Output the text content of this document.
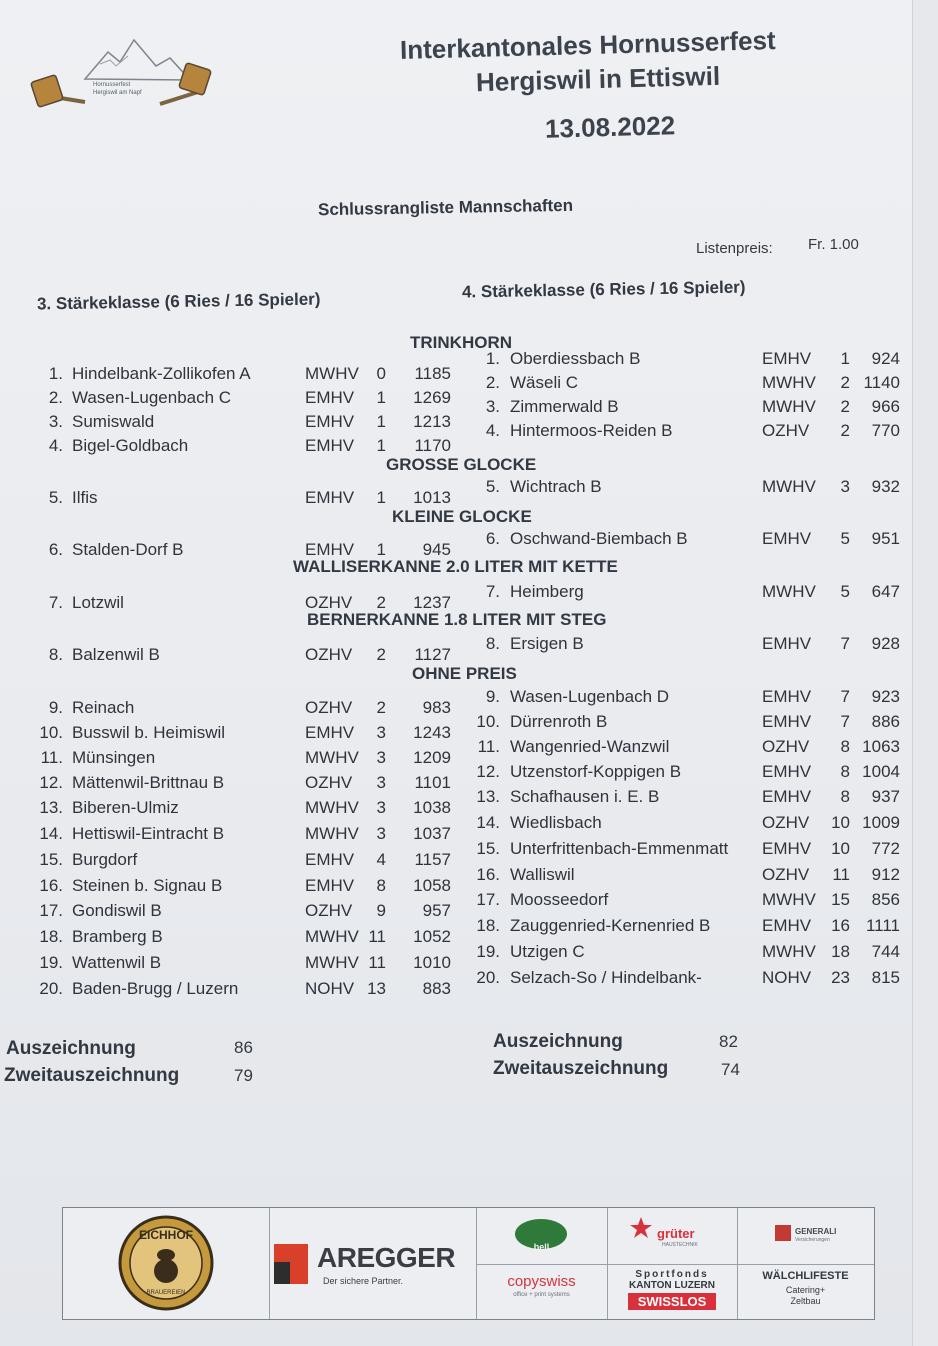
Hornusserfest
Hergiswil am Napf
Interkantonales Hornusserfest
Hergiswil in Ettiswil
13.08.2022
Schlussrangliste Mannschaften
Listenpreis: Fr. 1.00
3. Stärkeklasse (6 Ries / 16 Spieler)
4. Stärkeklasse (6 Ries / 16 Spieler)
TRINKHORN
GROSSE GLOCKE
KLEINE GLOCKE
WALLISERKANNE 2.0 LITER MIT KETTE
BERNERKANNE 1.8 LITER MIT STEG
OHNE PREIS
1. Hindelbank-Zollikofen A	MWHV 0 1185
2. Wasen-Lugenbach C	EMHV 1 1269
3. Sumiswald	EMHV 1 1213
4. Bigel-Goldbach	EMHV 1 1170
5. Ilfis	EMHV 1 1013
6. Stalden-Dorf B	EMHV 1 945
7. Lotzwil	OZHV 2 1237
8. Balzenwil B	OZHV 2 1127
9. Reinach	OZHV 2 983
10. Busswil b. Heimiswil	EMHV 3 1243
11. Münsingen	MWHV 3 1209
12. Mättenwil-Brittnau B	OZHV 3 1101
13. Biberen-Ulmiz	MWHV 3 1038
14. Hettiswil-Eintracht B	MWHV 3 1037
15. Burgdorf	EMHV 4 1157
16. Steinen b. Signau B	EMHV 8 1058
17. Gondiswil B	OZHV 9 957
18. Bramberg B	MWHV 11 1052
19. Wattenwil B	MWHV 11 1010
20. Baden-Brugg / Luzern	NOHV 13 883
1. Oberdiessbach B	EMHV 1 924
2. Wäseli C	MWHV 2 1140
3. Zimmerwald B	MWHV 2 966
4. Hintermoos-Reiden B	OZHV 2 770
5. Wichtrach B	MWHV 3 932
6. Oschwand-Biembach B	EMHV 5 951
7. Heimberg	MWHV 5 647
8. Ersigen B	EMHV 7 928
9. Wasen-Lugenbach D	EMHV 7 923
10. Dürrenroth B	EMHV 7 886
11. Wangenried-Wanzwil	OZHV 8 1063
12. Utzenstorf-Koppigen B	EMHV 8 1004
13. Schafhausen i. E. B	EMHV 8 937
14. Wiedlisbach	OZHV 10 1009
15. Unterfrittenbach-Emmenmatt EMHV 10 772
16. Walliswil	OZHV 11 912
17. Moosseedorf	MWHV 15 856
18. Zauggenried-Kernenried B	EMHV 16 1111
19. Utzigen C	MWHV 18 744
20. Selzach-So / Hindelbank-	NOHV 23 815
Auszeichnung	86
Zweitauszeichnung	79
Auszeichnung	82
Zweitauszeichnung	74
EICHHOF
BRAUEREIEN
AREGGER
Der sichere Partner.
bell
copyswiss
office + print systems
grüter
HAUSTECHNIK
Sportfonds
KANTON LUZERN
SWISSLOS
GENERALI
Versicherungen
WÄLCHLIFESTE
Catering+
Zeltbau
